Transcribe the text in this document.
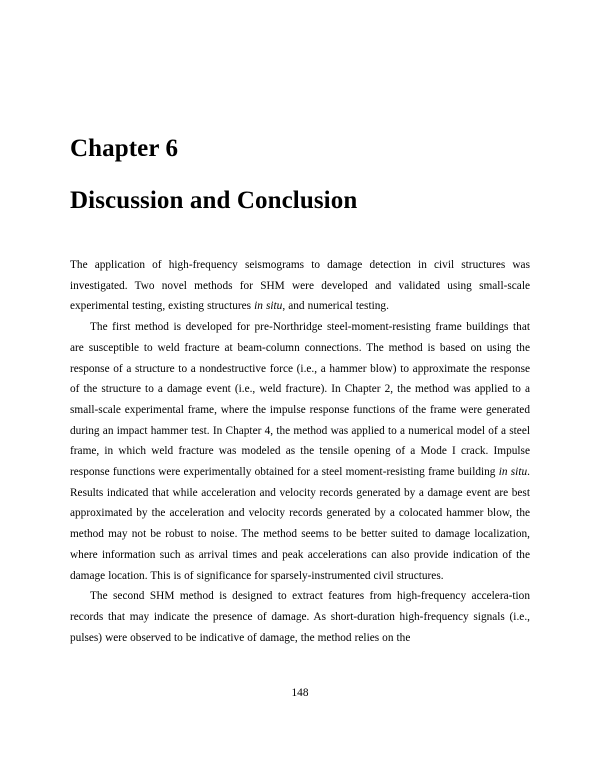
Chapter 6
Discussion and Conclusion

The application of high-frequency seismograms to damage detection in civil structures was investigated. Two novel methods for SHM were developed and validated using small-scale experimental testing, existing structures in situ, and numerical testing.

The first method is developed for pre-Northridge steel-moment-resisting frame buildings that are susceptible to weld fracture at beam-column connections. The method is based on using the response of a structure to a nondestructive force (i.e., a hammer blow) to approximate the response of the structure to a damage event (i.e., weld fracture). In Chapter 2, the method was applied to a small-scale experimental frame, where the impulse response functions of the frame were generated during an impact hammer test. In Chapter 4, the method was applied to a numerical model of a steel frame, in which weld fracture was modeled as the tensile opening of a Mode I crack. Impulse response functions were experimentally obtained for a steel moment-resisting frame building in situ. Results indicated that while acceleration and velocity records generated by a damage event are best approximated by the acceleration and velocity records generated by a colocated hammer blow, the method may not be robust to noise. The method seems to be better suited to damage localization, where information such as arrival times and peak accelerations can also provide indication of the damage location. This is of significance for sparsely-instrumented civil structures.

The second SHM method is designed to extract features from high-frequency accelera-tion records that may indicate the presence of damage. As short-duration high-frequency signals (i.e., pulses) were observed to be indicative of damage, the method relies on the

148
